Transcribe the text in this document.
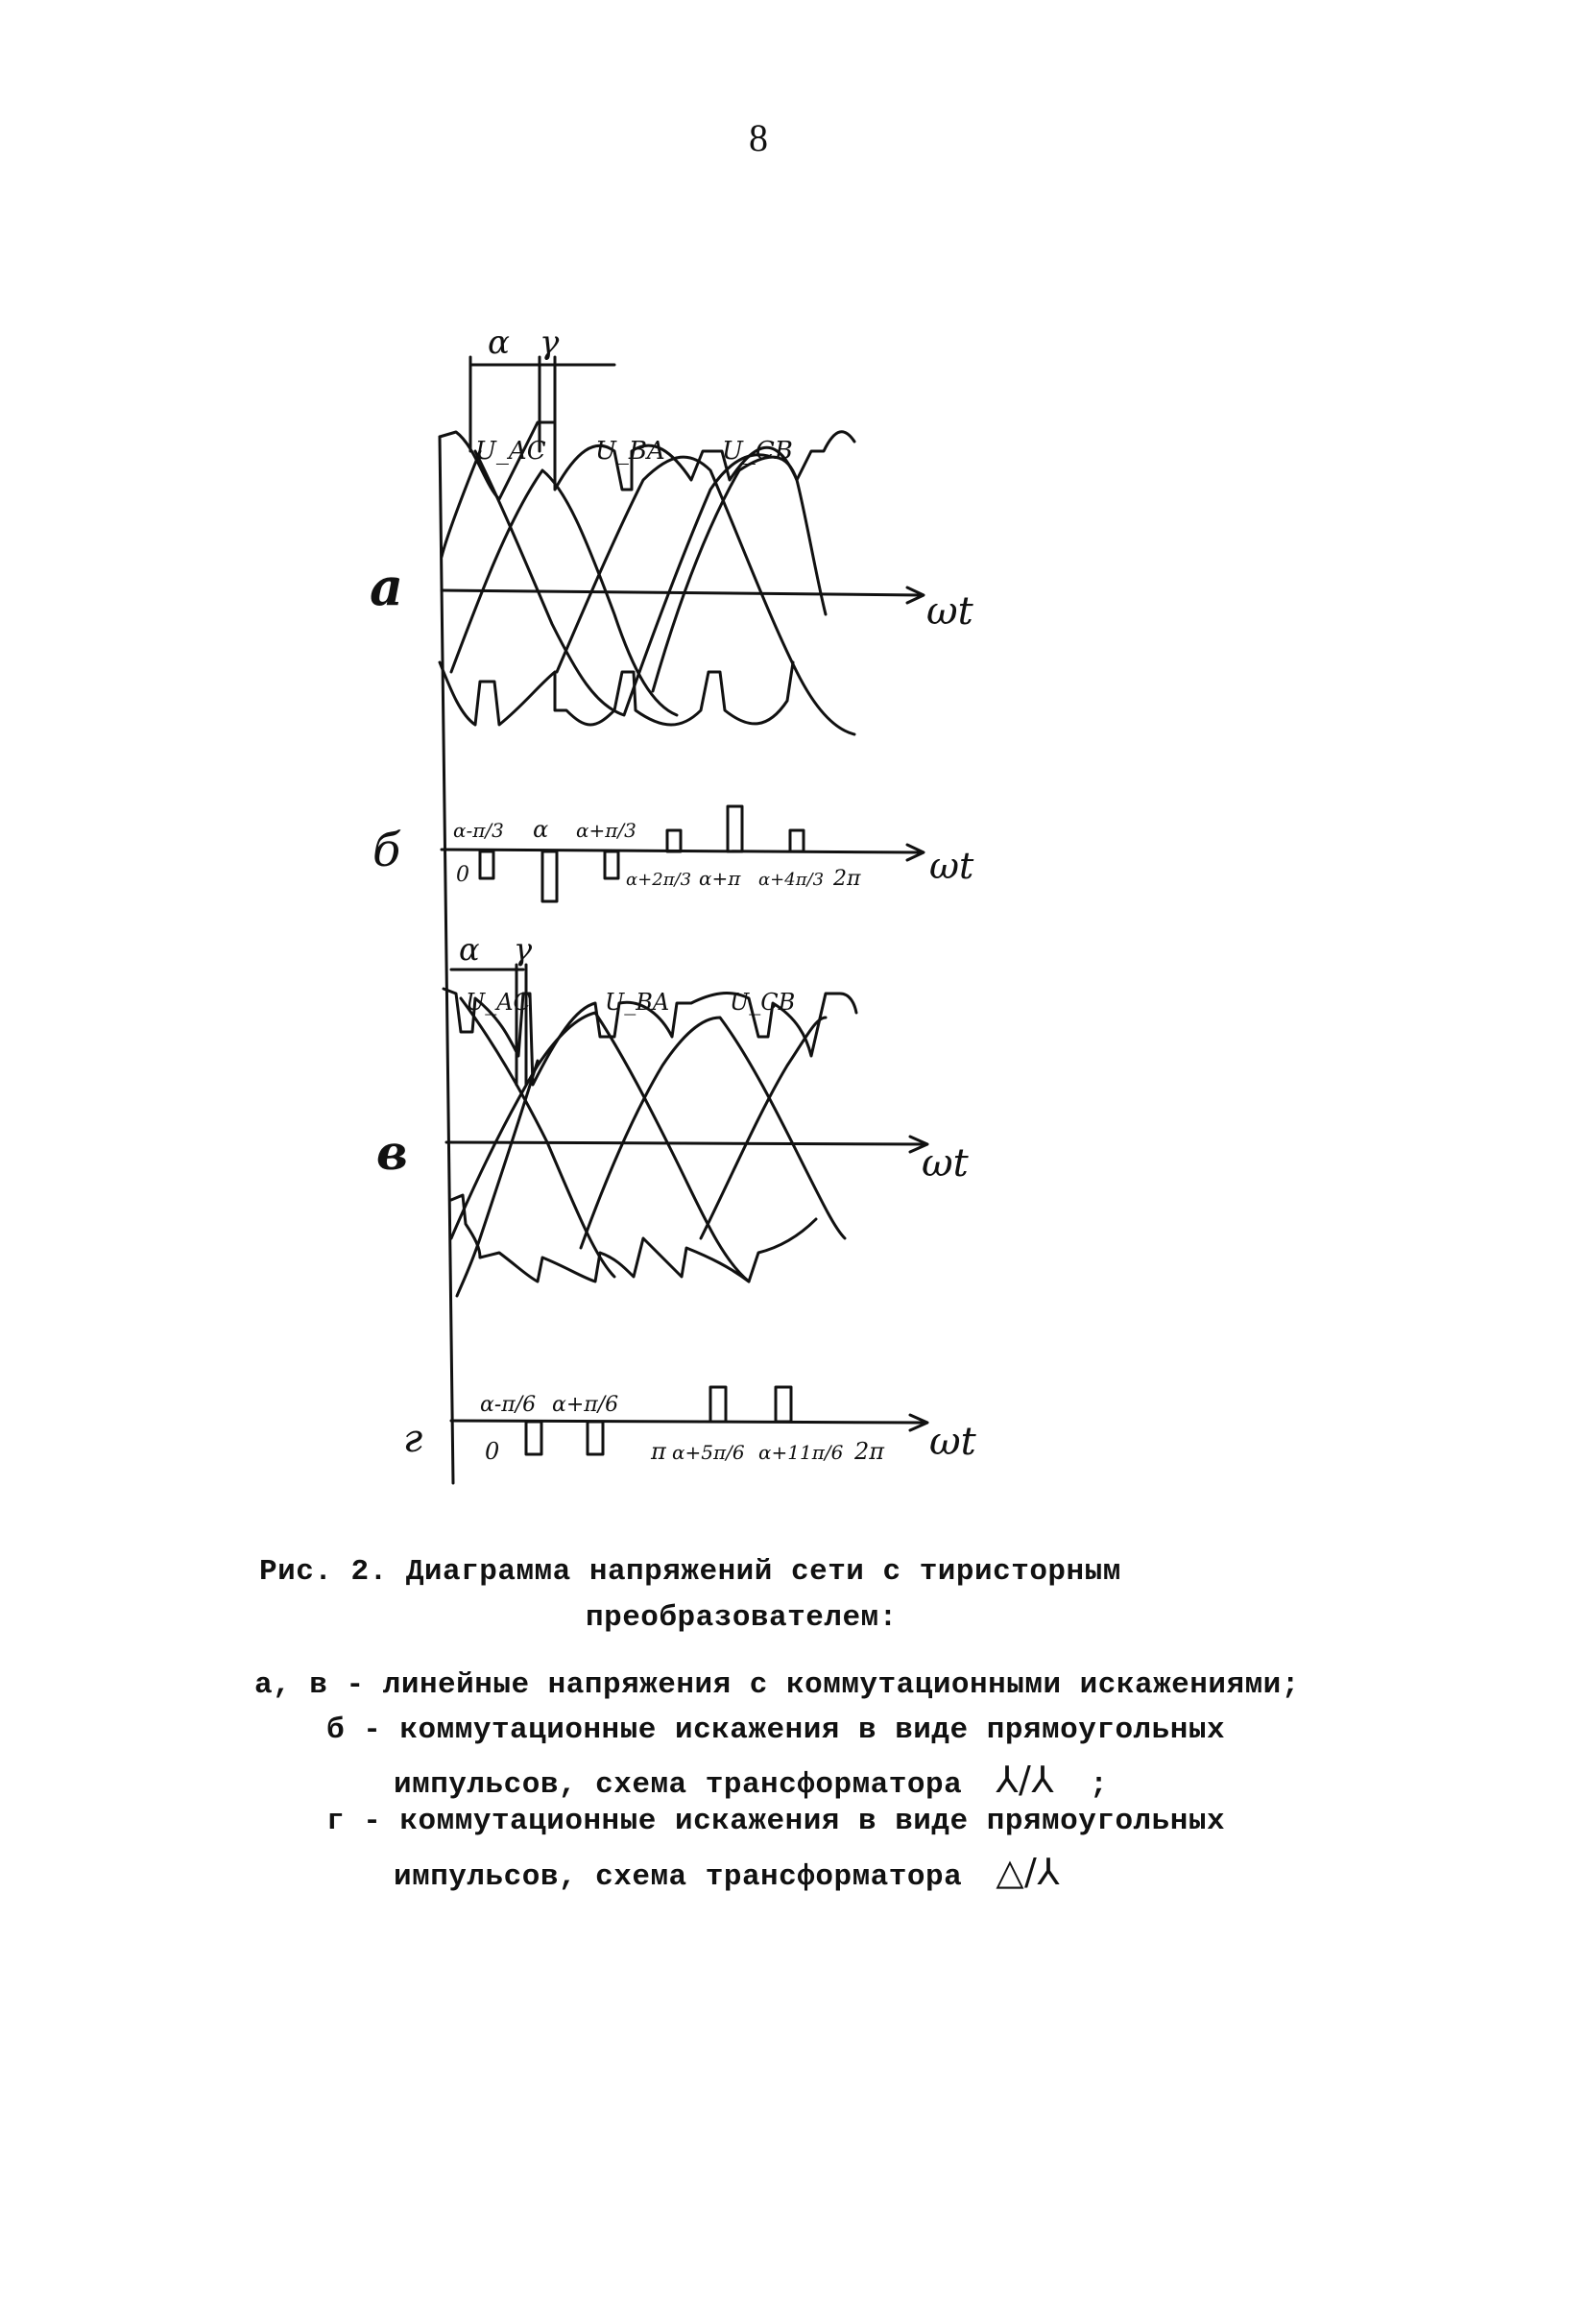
8
a	ωt
α γ
U_AC U_BA U_CB
б	ωt
α-π/3 α α+π/3
0	α+2π/3 α+π α+4π/3 2π
в	ωt
α γ
U_AC	U_BA	U_CB
г	ωt
α-π/6 α+π/6
0	π α+5π/6 α+11π/6 2π
Рис. 2. Диаграмма напряжений сети с тиристорным
преобразователем:
а, в - линейные напряжения с коммутационными искажениями;
б - коммутационные искажения в виде прямоугольных
импульсов, схема трансформатора ⅄/⅄ ;
г - коммутационные искажения в виде прямоугольных
импульсов, схема трансформатора △/⅄
